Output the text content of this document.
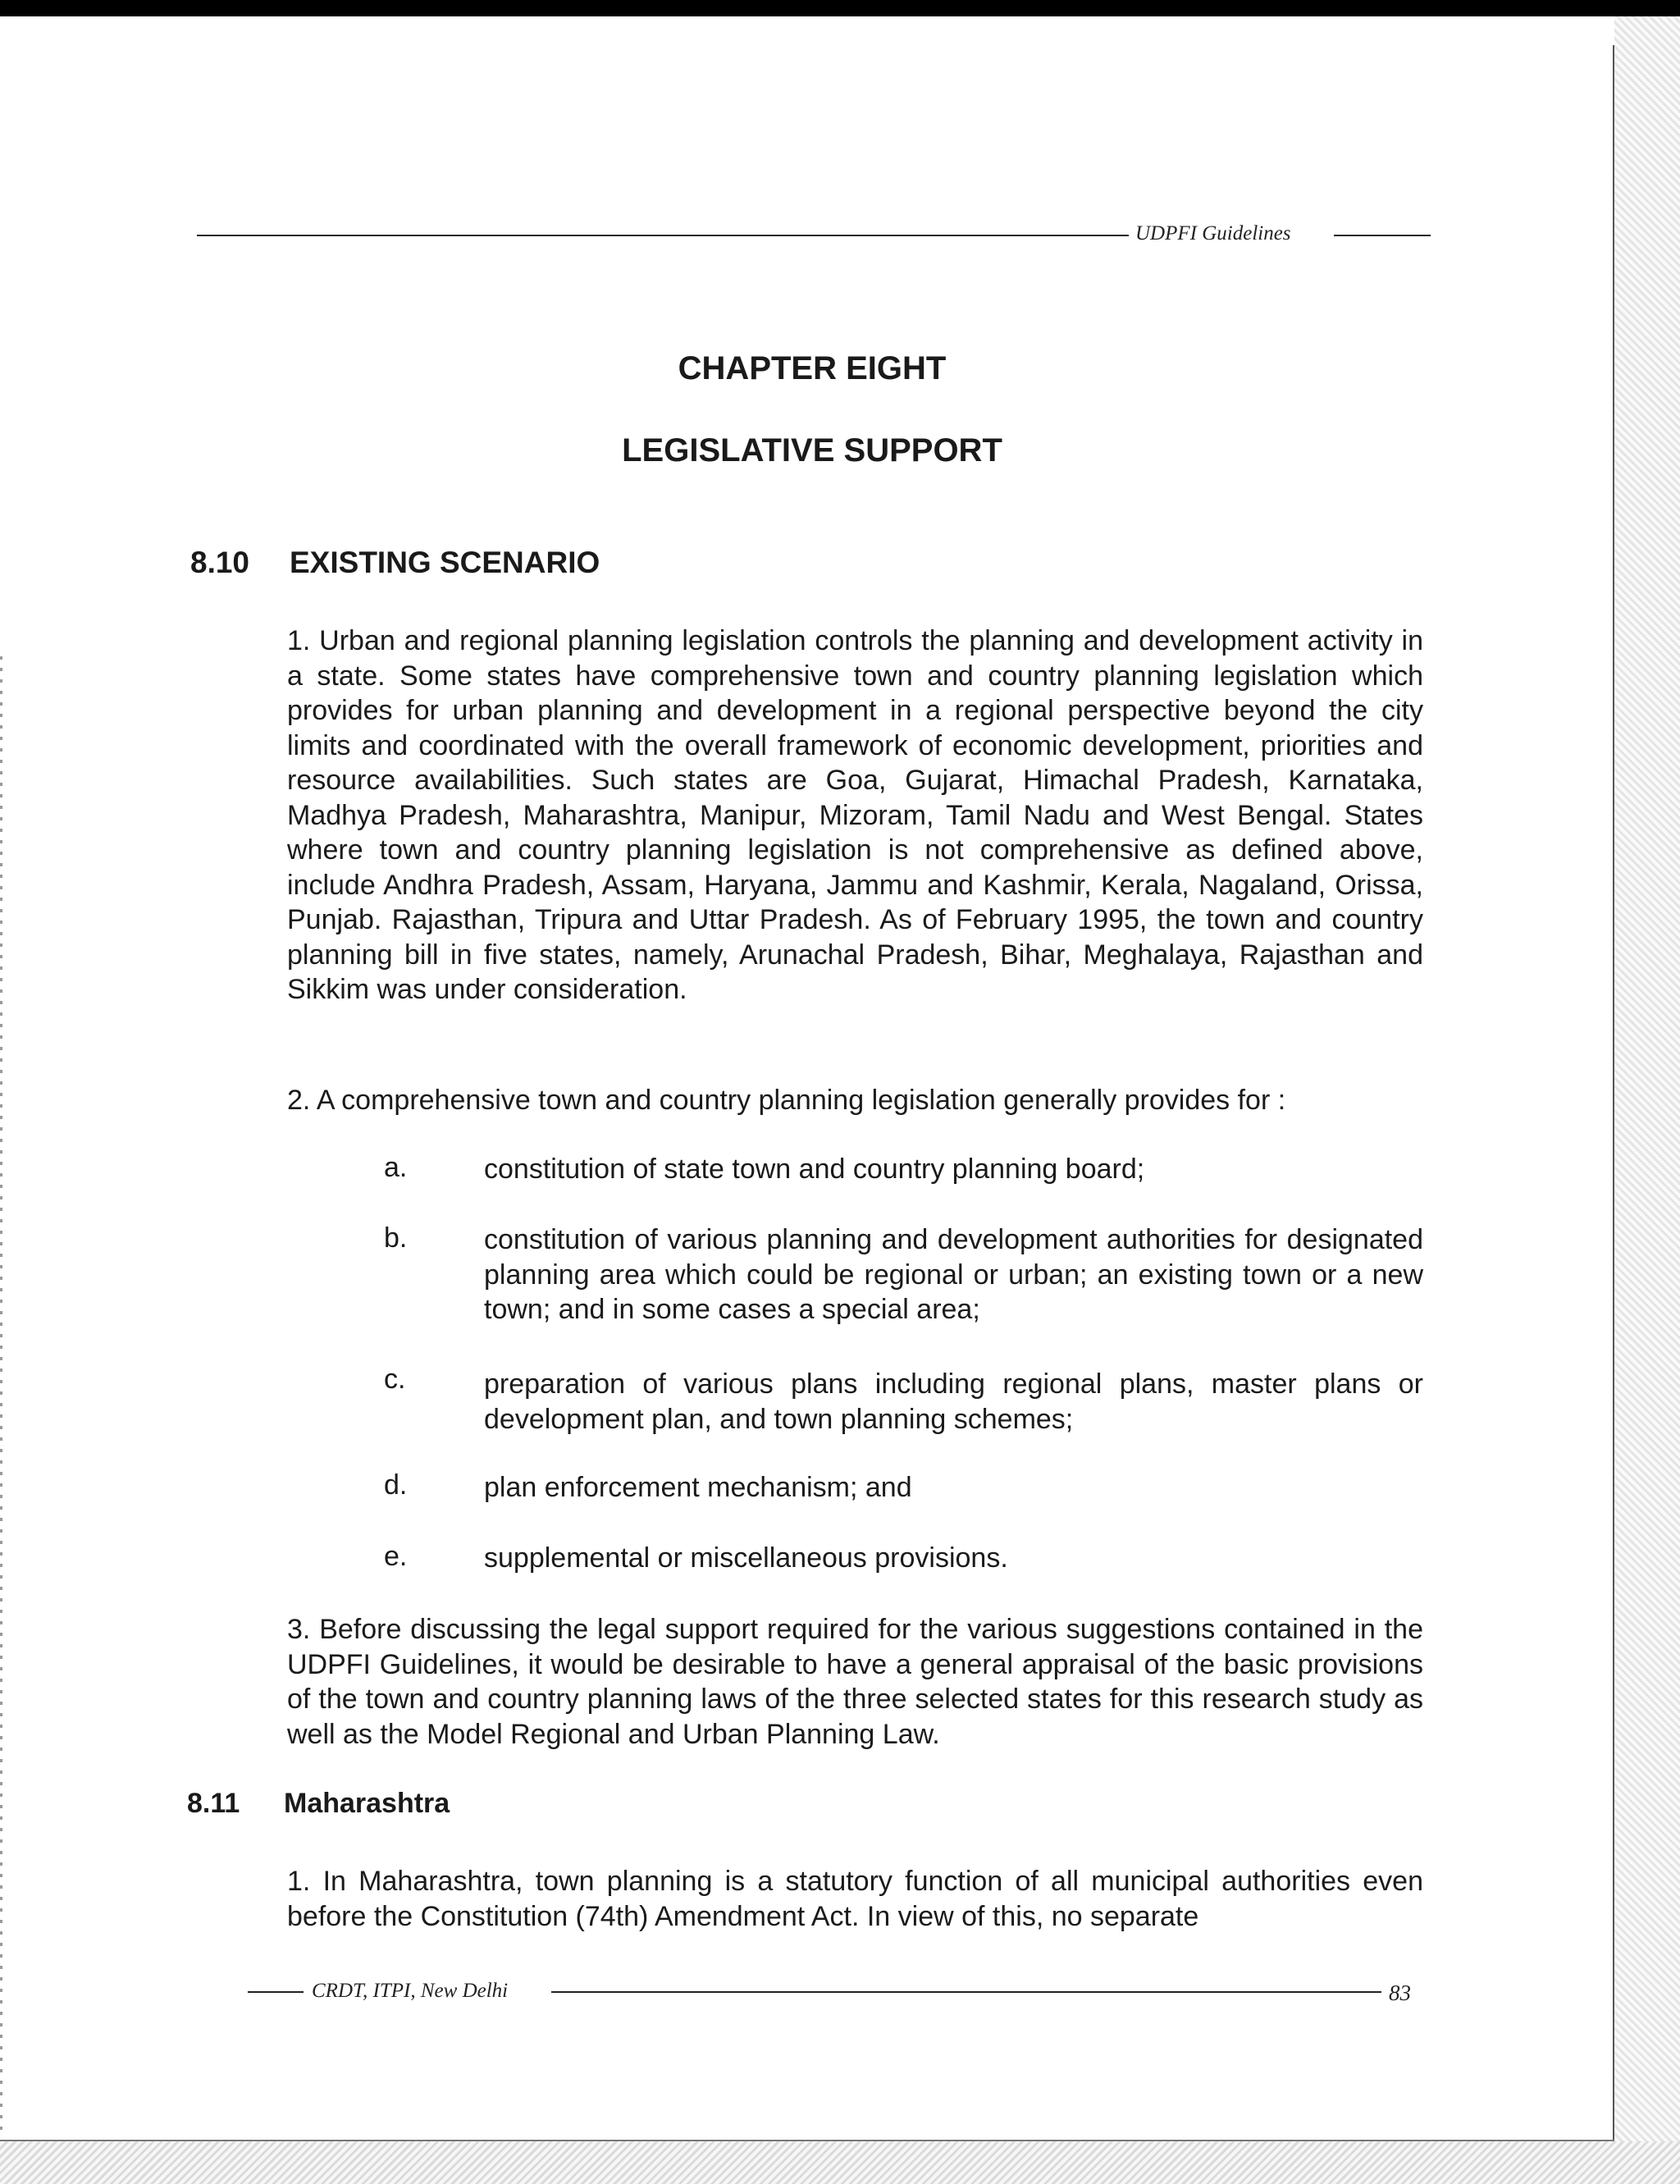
UDPFI Guidelines
CHAPTER EIGHT
LEGISLATIVE SUPPORT
8.10 EXISTING SCENARIO

1. Urban and regional planning legislation controls the planning and development activity in a state. Some states have comprehensive town and country planning legislation which provides for urban planning and development in a regional perspective beyond the city limits and coordinated with the overall framework of economic development, priorities and resource availabilities. Such states are Goa, Gujarat, Himachal Pradesh, Karnataka, Madhya Pradesh, Maharashtra, Manipur, Mizoram, Tamil Nadu and West Bengal. States where town and country planning legislation is not comprehensive as defined above, include Andhra Pradesh, Assam, Haryana, Jammu and Kashmir, Kerala, Nagaland, Orissa, Punjab. Rajasthan, Tripura and Uttar Pradesh. As of February 1995, the town and country planning bill in five states, namely, Arunachal Pradesh, Bihar, Meghalaya, Rajasthan and Sikkim was under consideration.

2. A comprehensive town and country planning legislation generally provides for :

a.	constitution of state town and country planning board;

b.	constitution of various planning and development authorities for designated planning area which could be regional or urban; an existing town or a new town; and in some cases a special area;

c.	preparation of various plans including regional plans, master plans or development plan, and town planning schemes;

d.	plan enforcement mechanism; and

e.	supplemental or miscellaneous provisions.

3. Before discussing the legal support required for the various suggestions contained in the UDPFI Guidelines, it would be desirable to have a general appraisal of the basic provisions of the town and country planning laws of the three selected states for this research study as well as the Model Regional and Urban Planning Law.

8.11 Maharashtra

1. In Maharashtra, town planning is a statutory function of all municipal authorities even before the Constitution (74th) Amendment Act. In view of this, no separate

CRDT, ITPI, New Delhi	83
